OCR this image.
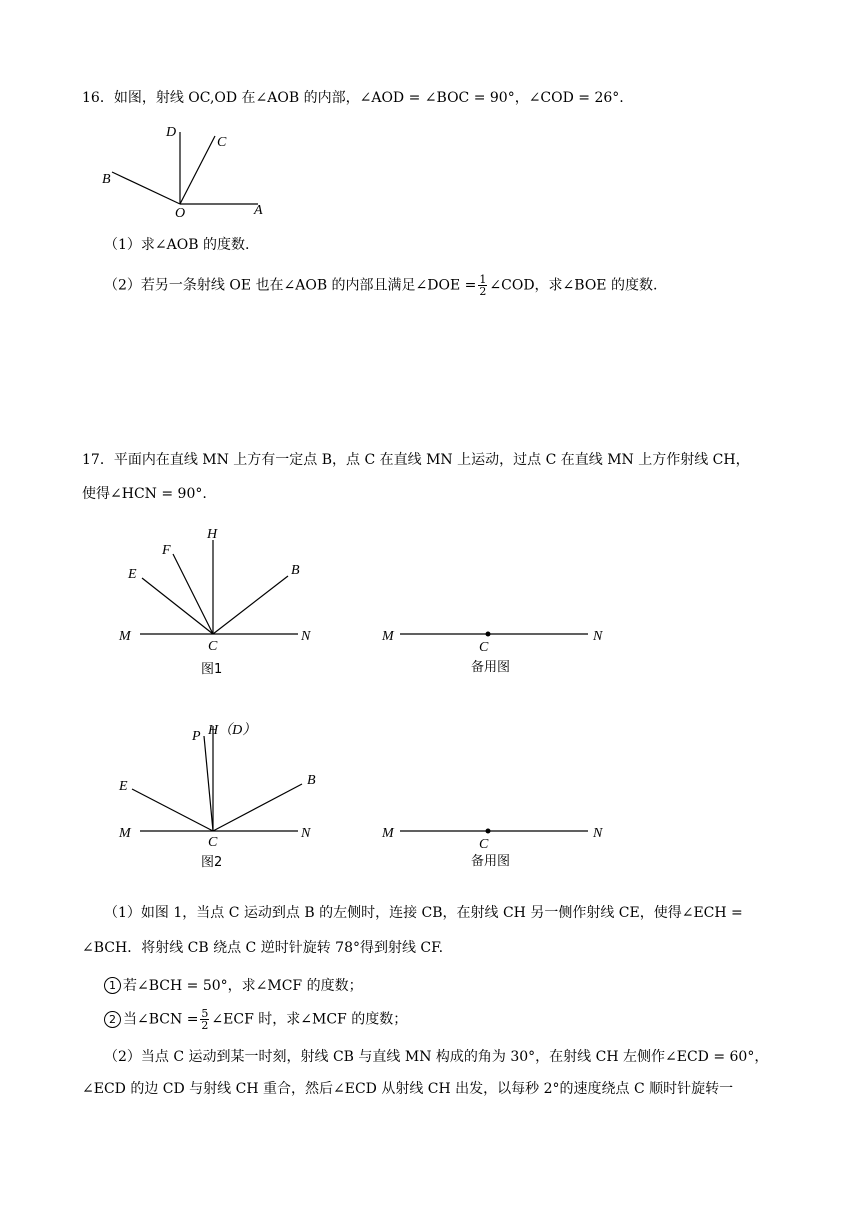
16．如图，射线 OC,OD 在∠AOB 的内部，∠AOD = ∠BOC = 90°，∠COD = 26°.
D
C
B
O	A
（1）求∠AOB 的度数.
（2）若另一条射线 OE 也在∠AOB 的内部且满足∠DOE = $\frac{1}{2}$ ∠COD，求∠BOE 的度数.
17．平面内在直线 MN 上方有一定点 B，点 C 在直线 MN 上运动，过点 C 在直线 MN 上方作射线 CH，
使得∠HCN = 90°.
H
F
E	B
M
C
N
图1
M
C
N
备用图
P H（D）
E	B
M
C
N
图2
M
C
N
备用图
（1）如图 1，当点 C 运动到点 B 的左侧时，连接 CB，在射线 CH 另一侧作射线 CE，使得∠ECH =
∠BCH．将射线 CB 绕点 C 逆时针旋转 78°得到射线 CF.
1 若∠BCH = 50°，求∠MCF 的度数；
2 当∠BCN = $\frac{5}{2}$ ∠ECF 时，求∠MCF 的度数；
（2）当点 C 运动到某一时刻，射线 CB 与直线 MN 构成的角为 30°，在射线 CH 左侧作∠ECD = 60°，
∠ECD 的边 CD 与射线 CH 重合，然后∠ECD 从射线 CH 出发，以每秒 2°的速度绕点 C 顺时针旋转一
